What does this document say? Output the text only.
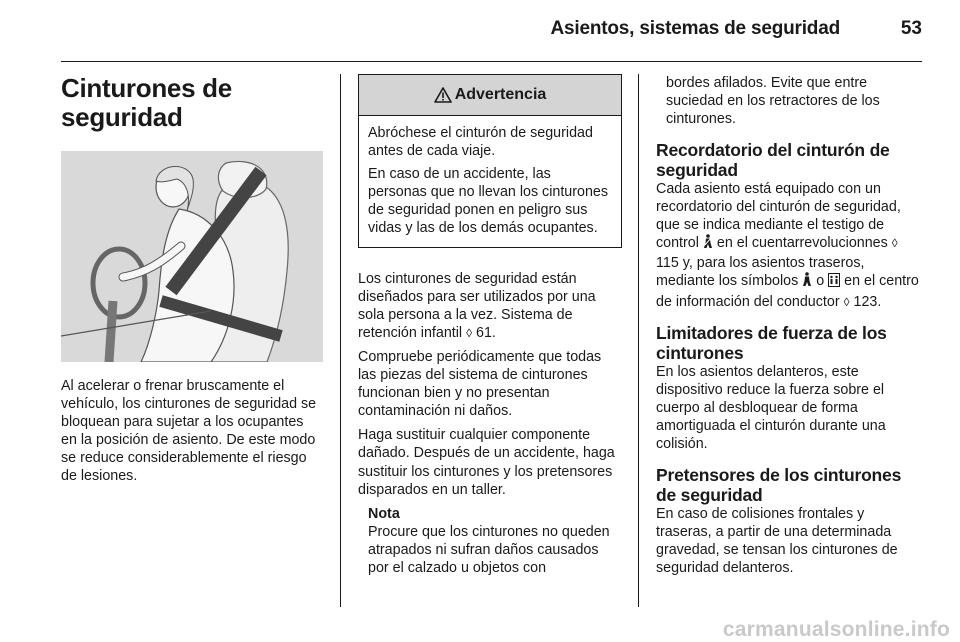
Asientos, sistemas de seguridad	53
Cinturones de seguridad

Al acelerar o frenar bruscamente el vehículo, los cinturones de seguridad se bloquean para sujetar a los ocupantes en la posición de asiento. De este modo se reduce considerablemente el riesgo de lesiones.

Advertencia

Abróchese el cinturón de seguridad antes de cada viaje.

En caso de un accidente, las personas que no llevan los cinturones de seguridad ponen en peligro sus vidas y las de los demás ocupantes.

Los cinturones de seguridad están diseñados para ser utilizados por una sola persona a la vez. Sistema de retención infantil ◊ 61.

Compruebe periódicamente que todas las piezas del sistema de cinturones funcionan bien y no presentan contaminación ni daños.

Haga sustituir cualquier componente dañado. Después de un accidente, haga sustituir los cinturones y los pretensores disparados en un taller.

Nota

Procure que los cinturones no queden atrapados ni sufran daños causados por el calzado u objetos con

bordes afilados. Evite que entre suciedad en los retractores de los cinturones.

Recordatorio del cinturón de seguridad

Cada asiento está equipado con un recordatorio del cinturón de seguridad, que se indica mediante el testigo de control en el cuentarrevolucionnes ◊ 115 y, para los asientos traseros, mediante los símbolos o en el centro de información del conductor ◊ 123.

Limitadores de fuerza de los cinturones

En los asientos delanteros, este dispositivo reduce la fuerza sobre el cuerpo al desbloquear de forma amortiguada el cinturón durante una colisión.

Pretensores de los cinturones de seguridad

En caso de colisiones frontales y traseras, a partir de una determinada gravedad, se tensan los cinturones de seguridad delanteros.

carmanualsonline.info
